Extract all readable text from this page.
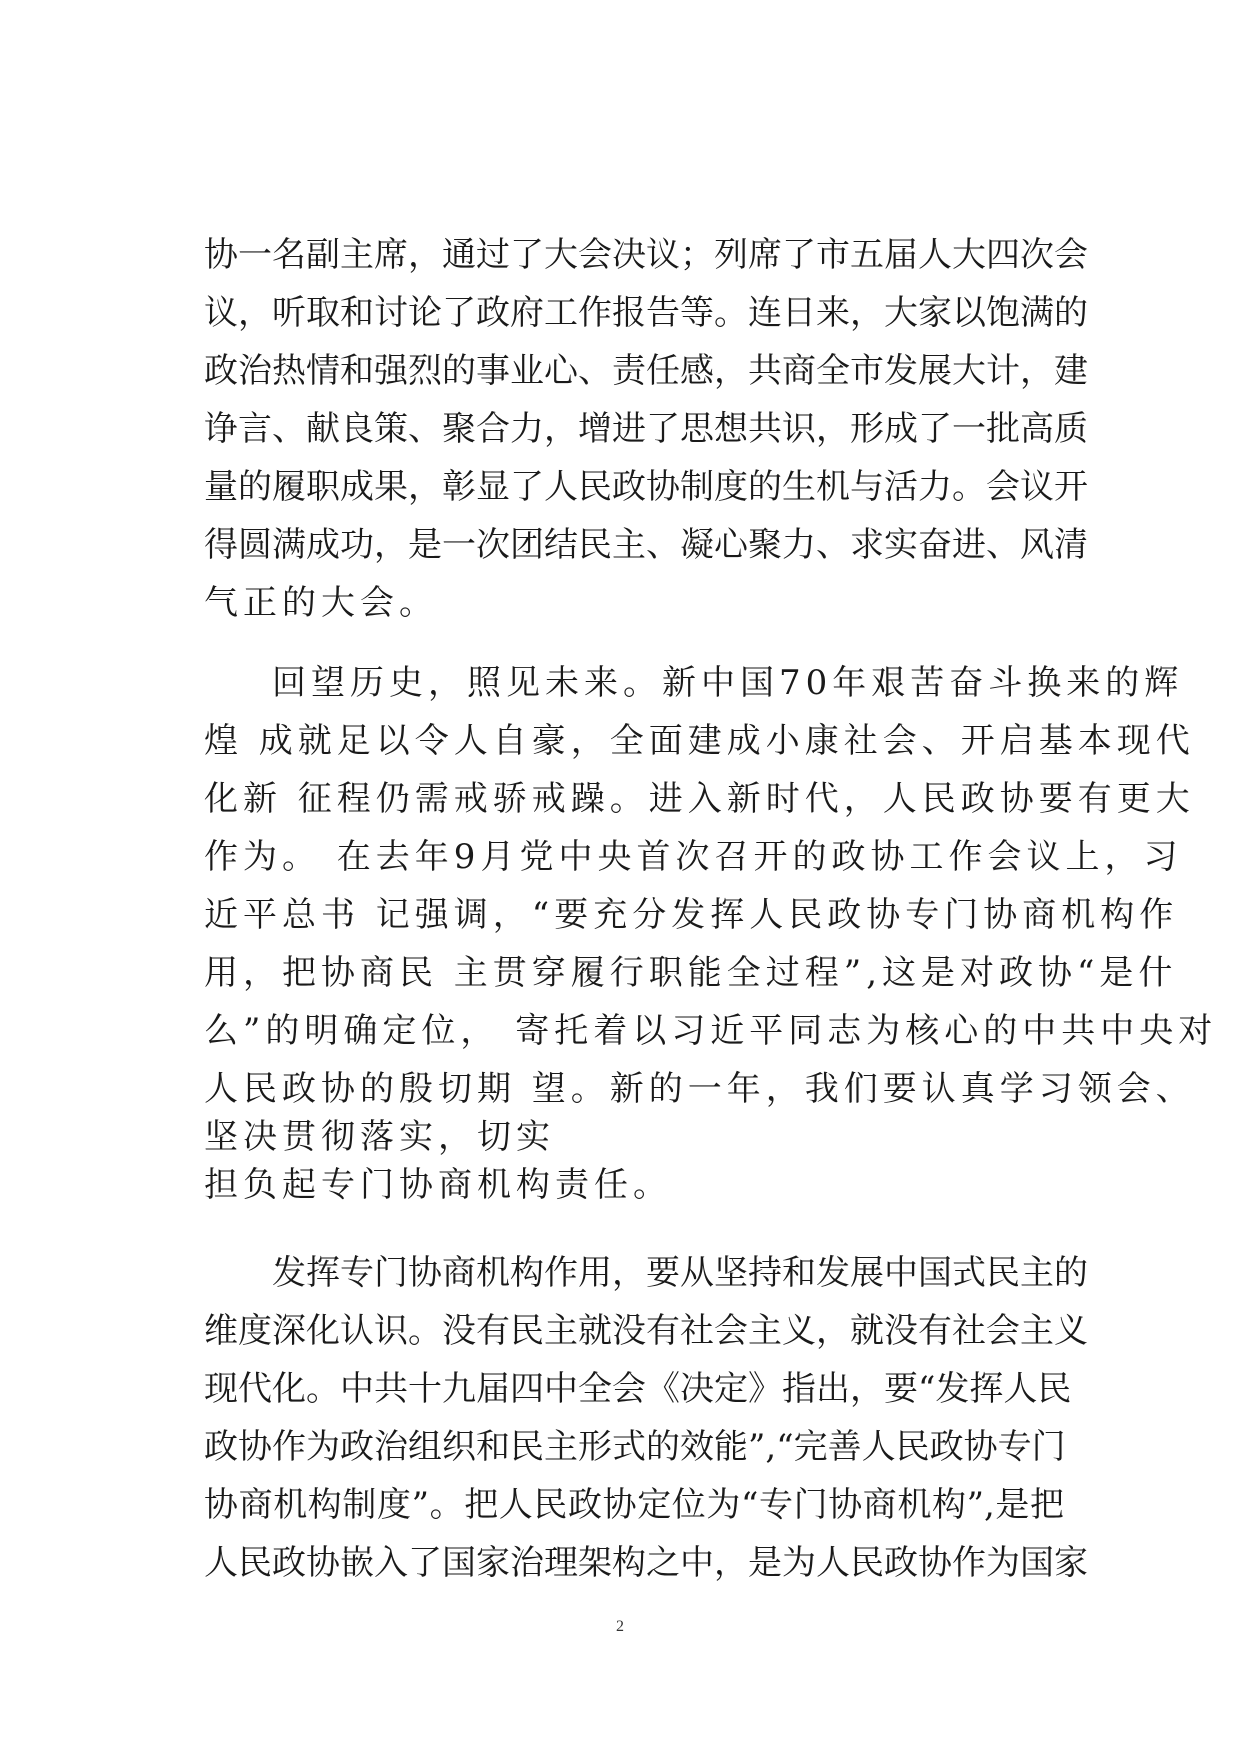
协一名副主席，通过了大会决议；列席了市五届人大四次会
议，听取和讨论了政府工作报告等。连日来，大家以饱满的
政治热情和强烈的事业心、责任感，共商全市发展大计，建
诤言、献良策、聚合力，增进了思想共识，形成了一批高质
量的履职成果，彰显了人民政协制度的生机与活力。会议开
得圆满成功，是一次团结民主、凝心聚力、求实奋进、风清
气正的大会。
回望历史，照见未来。新中国70年艰苦奋斗换来的辉
煌 成就足以令人自豪，全面建成小康社会、开启基本现代
化新 征程仍需戒骄戒躁。进入新时代，人民政协要有更大
作为。 在去年9月党中央首次召开的政协工作会议上，习
近平总书 记强调，“要充分发挥人民政协专门协商机构作
用，把协商民 主贯穿履行职能全过程”,这是对政协“是什
么”的明确定位， 寄托着以习近平同志为核心的中共中央对
人民政协的殷切期 望。新的一年，我们要认真学习领会、
坚决贯彻落实，切实
担负起专门协商机构责任。
发挥专门协商机构作用，要从坚持和发展中国式民主的
维度深化认识。没有民主就没有社会主义，就没有社会主义
现代化。中共十九届四中全会《决定》指出，要“发挥人民
政协作为政治组织和民主形式的效能”,“完善人民政协专门
协商机构制度”。把人民政协定位为“专门协商机构”,是把
人民政协嵌入了国家治理架构之中，是为人民政协作为国家
2
